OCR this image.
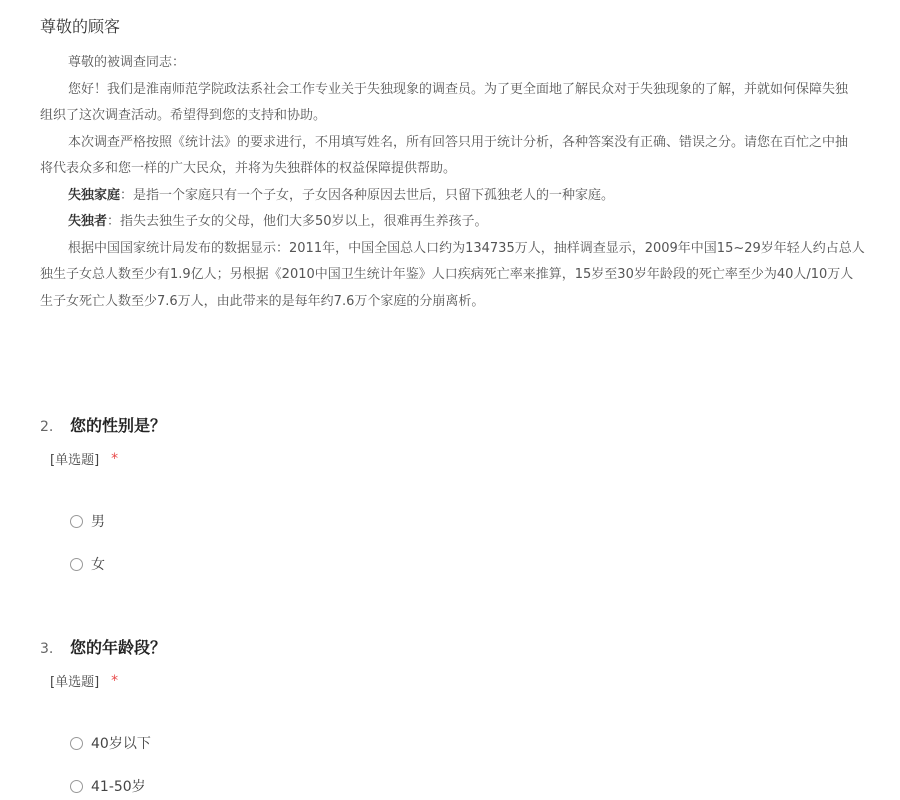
尊敬的顾客

尊敬的被调查同志：

您好！我们是淮南师范学院政法系社会工作专业关于失独现象的调查员。为了更全面地了解民众对于失独现象的了解，并就如何保障失独

组织了这次调查活动。希望得到您的支持和协助。

本次调查严格按照《统计法》的要求进行，不用填写姓名，所有回答只用于统计分析，各种答案没有正确、错误之分。请您在百忙之中抽

将代表众多和您一样的广大民众，并将为失独群体的权益保障提供帮助。

失独家庭：是指一个家庭只有一个子女，子女因各种原因去世后，只留下孤独老人的一种家庭。

失独者：指失去独生子女的父母，他们大多50岁以上，很难再生养孩子。

根据中国国家统计局发布的数据显示：2011年，中国全国总人口约为134735万人，抽样调查显示，2009年中国15~29岁年轻人约占总人

独生子女总人数至少有1.9亿人；另根据《2010中国卫生统计年鉴》人口疾病死亡率来推算，15岁至30岁年龄段的死亡率至少为40人/10万人

生子女死亡人数至少7.6万人，由此带来的是每年约7.6万个家庭的分崩离析。

2.	您的性别是？
[单选题] *
男
女
3.	您的年龄段？
[单选题] *
40岁以下
41-50岁
